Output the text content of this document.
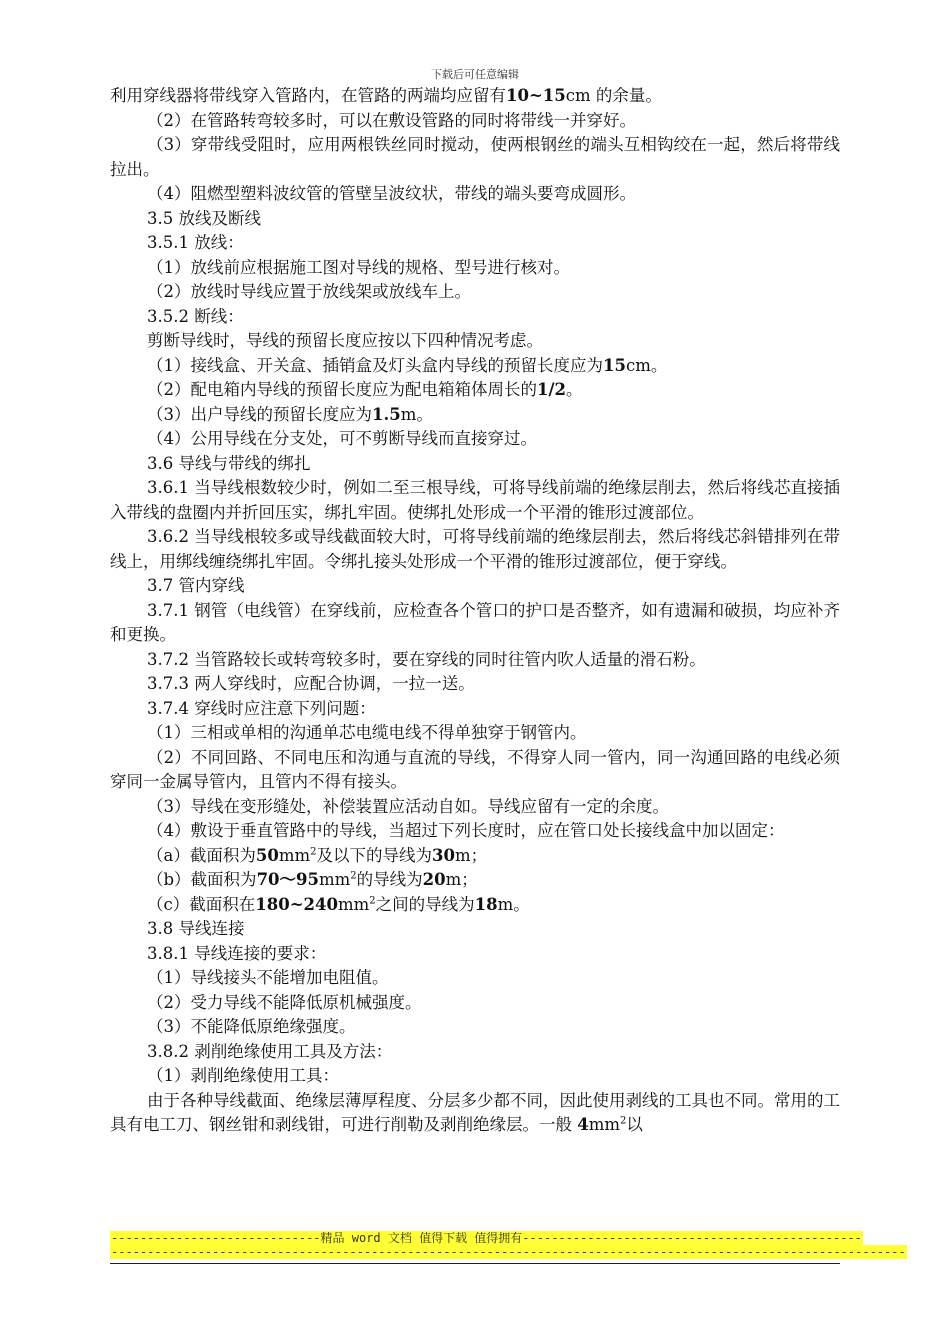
下载后可任意编辑

利用穿线器将带线穿入管路内，在管路的两端均应留有10~15cm 的余量。

（2）在管路转弯较多时，可以在敷设管路的同时将带线一并穿好。

（3）穿带线受阻时，应用两根铁丝同时搅动，使两根钢丝的端头互相钩绞在一起，然后将带线拉出。

（4）阻燃型塑料波纹管的管壁呈波纹状，带线的端头要弯成圆形。

3.5 放线及断线

3.5.1 放线：

（1）放线前应根据施工图对导线的规格、型号进行核对。

（2）放线时导线应置于放线架或放线车上。

3.5.2 断线：

剪断导线时，导线的预留长度应按以下四种情况考虑。

（1）接线盒、开关盒、插销盒及灯头盒内导线的预留长度应为15cm。

（2）配电箱内导线的预留长度应为配电箱箱体周长的1/2。

（3）出户导线的预留长度应为1.5m。

（4）公用导线在分支处，可不剪断导线而直接穿过。

3.6 导线与带线的绑扎

3.6.1 当导线根数较少时，例如二至三根导线，可将导线前端的绝缘层削去，然后将线芯直接插入带线的盘圈内并折回压实，绑扎牢固。使绑扎处形成一个平滑的锥形过渡部位。

3.6.2 当导线根较多或导线截面较大时，可将导线前端的绝缘层削去，然后将线芯斜错排列在带线上，用绑线缠绕绑扎牢固。令绑扎接头处形成一个平滑的锥形过渡部位，便于穿线。

3.7 管内穿线

3.7.1 钢管（电线管）在穿线前，应检查各个管口的护口是否整齐，如有遗漏和破损，均应补齐和更换。

3.7.2 当管路较长或转弯较多时，要在穿线的同时往管内吹人适量的滑石粉。

3.7.3 两人穿线时，应配合协调，一拉一送。

3.7.4 穿线时应注意下列问题：

（1）三相或单相的沟通单芯电缆电线不得单独穿于钢管内。

（2）不同回路、不同电压和沟通与直流的导线，不得穿人同一管内，同一沟通回路的电线必须穿同一金属导管内，且管内不得有接头。

（3）导线在变形缝处，补偿装置应活动自如。导线应留有一定的余度。

（4）敷设于垂直管路中的导线，当超过下列长度时，应在管口处长接线盒中加以固定：

（a）截面积为$50mm^2$及以下的导线为30m；

（b）截面积为$70\sim 95mm^2$的导线为20m；

（c）截面积在$180\sim 240mm^2$之间的导线为18m。

3.8 导线连接

3.8.1 导线连接的要求：

（1）导线接头不能增加电阻值。

（2）受力导线不能降低原机械强度。

（3）不能降低原绝缘强度。

3.8.2 剥削绝缘使用工具及方法：

（1）剥削绝缘使用工具：

由于各种导线截面、绝缘层薄厚程度、分层多少都不同，因此使用剥线的工具也不同。常用的工具有电工刀、钢丝钳和剥线钳，可进行削勒及剥削绝缘层。一般 $4mm^2$以

-----------------------------精品 word 文档 值得下载 值得拥有-----------------------------------------------
--------------------------------------------------------------------------------------------------------------
